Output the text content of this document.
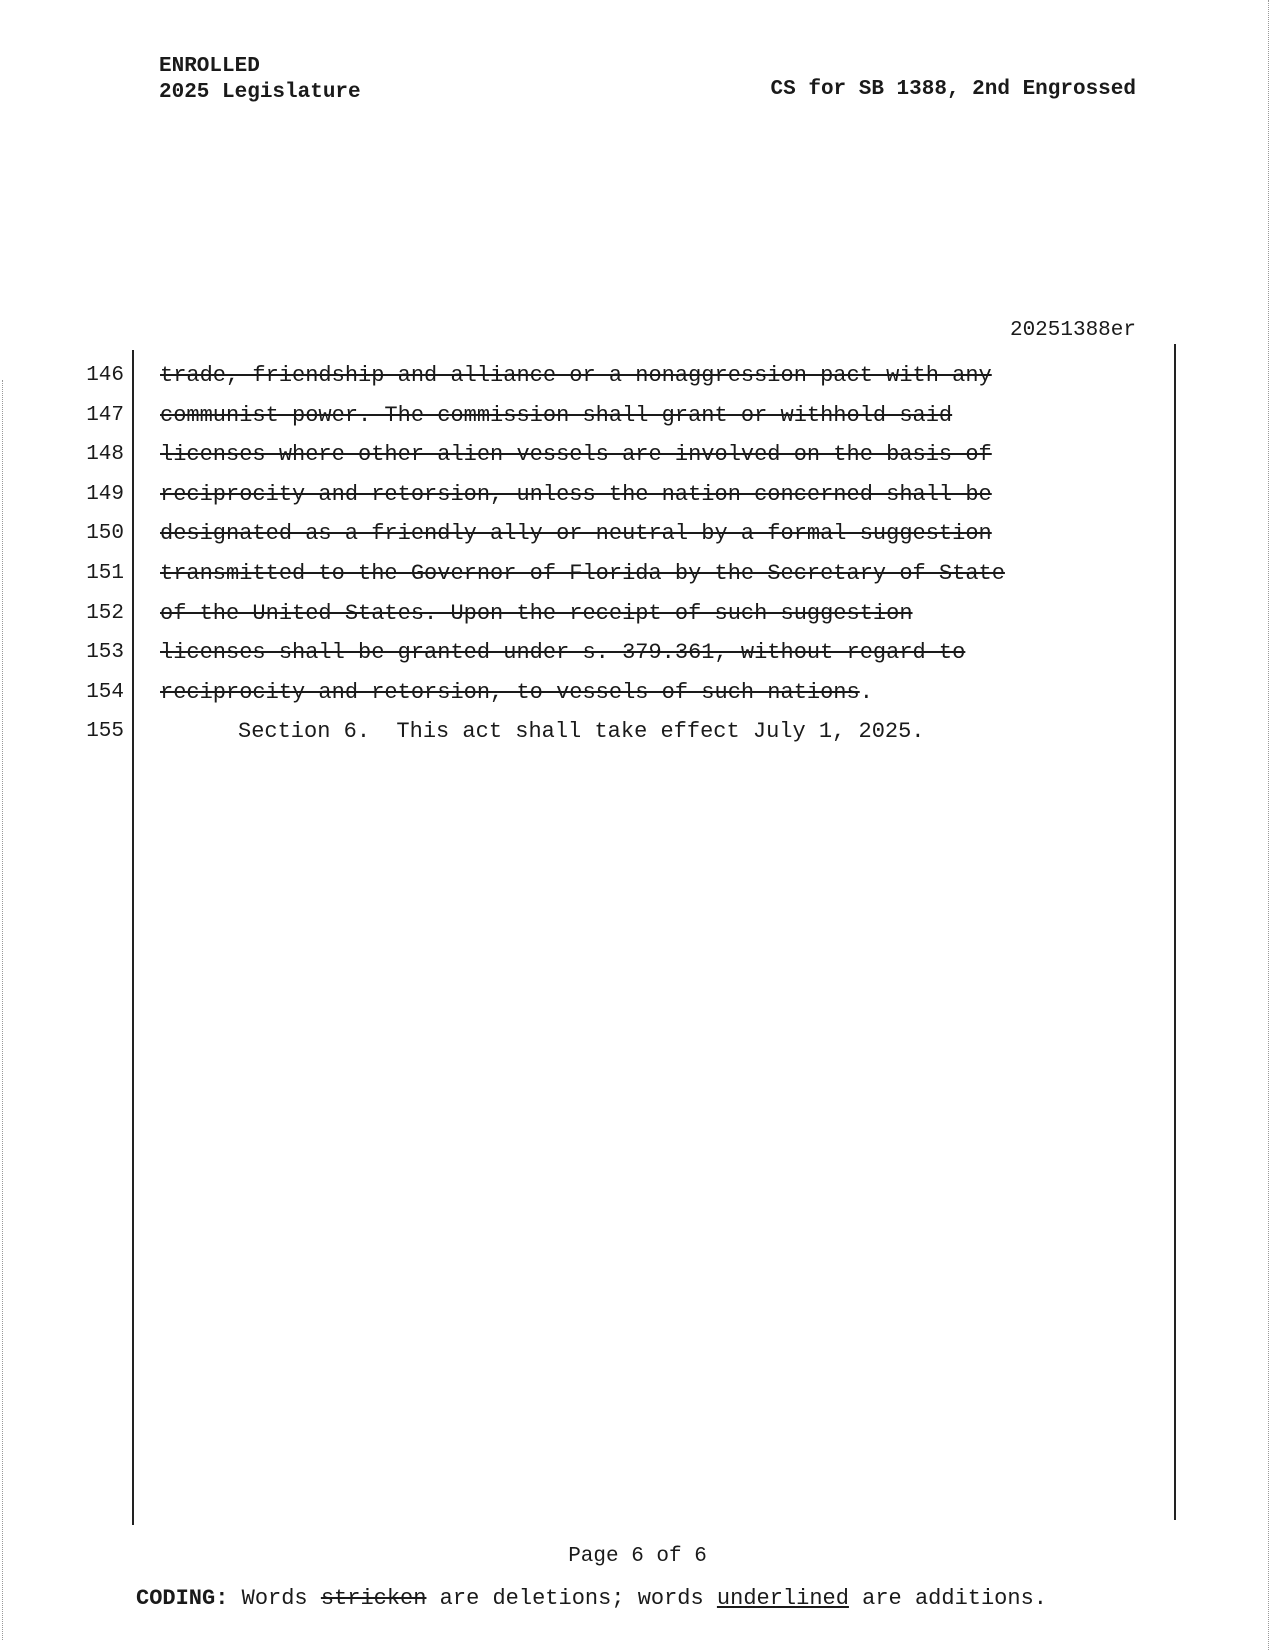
ENROLLED
2025 Legislature	CS for SB 1388, 2nd Engrossed
20251388er
146 trade, friendship and alliance or a nonaggression pact with any
147 communist power. The commission shall grant or withhold said
148 licenses where other alien vessels are involved on the basis of
149 reciprocity and retorsion, unless the nation concerned shall be
150 designated as a friendly ally or neutral by a formal suggestion
151 transmitted to the Governor of Florida by the Secretary of State
152 of the United States. Upon the receipt of such suggestion
153 licenses shall be granted under s. 379.361, without regard to
154 reciprocity and retorsion, to vessels of such nations.
155	Section 6.  This act shall take effect July 1, 2025.
Page 6 of 6
CODING: Words stricken are deletions; words underlined are additions.
